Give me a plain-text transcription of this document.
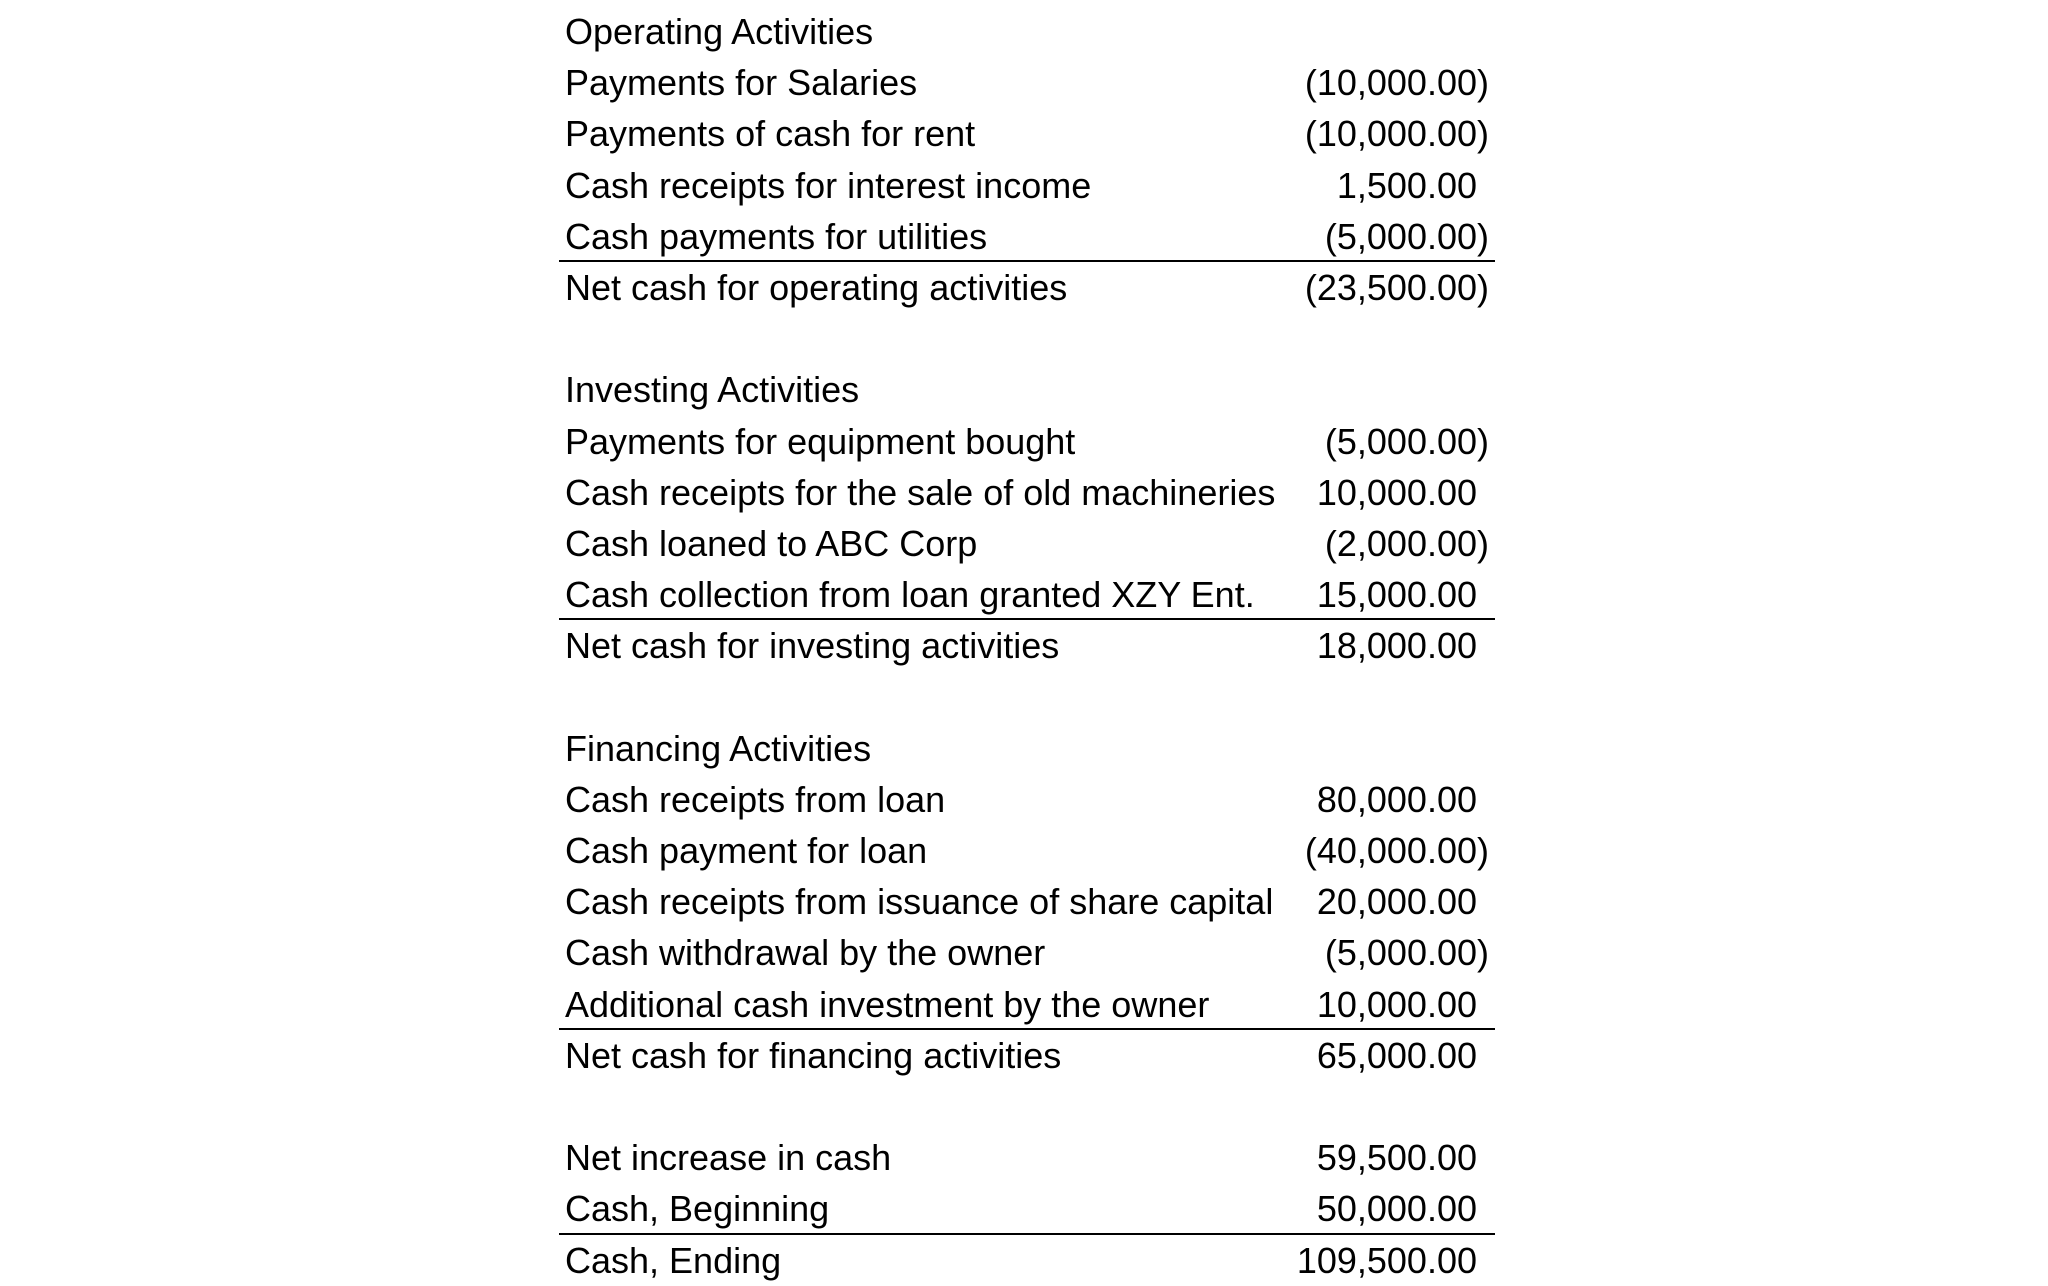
Operating Activities
Payments for Salaries	(10,000.00)
Payments of cash for rent	(10,000.00)
Cash receipts for interest income	1,500.00
Cash payments for utilities	(5,000.00)
Net cash for operating activities	(23,500.00)
Investing Activities
Payments for equipment bought	(5,000.00)
Cash receipts for the sale of old machineries 10,000.00
Cash loaned to ABC Corp	(2,000.00)
Cash collection from loan granted XZY Ent. 15,000.00
Net cash for investing activities	18,000.00
Financing Activities
Cash receipts from loan	80,000.00
Cash payment for loan	(40,000.00)
Cash receipts from issuance of share capital 20,000.00
Cash withdrawal by the owner	(5,000.00)
Additional cash investment by the owner	10,000.00
Net cash for financing activities	65,000.00
Net increase in cash	59,500.00
Cash, Beginning	50,000.00
Cash, Ending	109,500.00
